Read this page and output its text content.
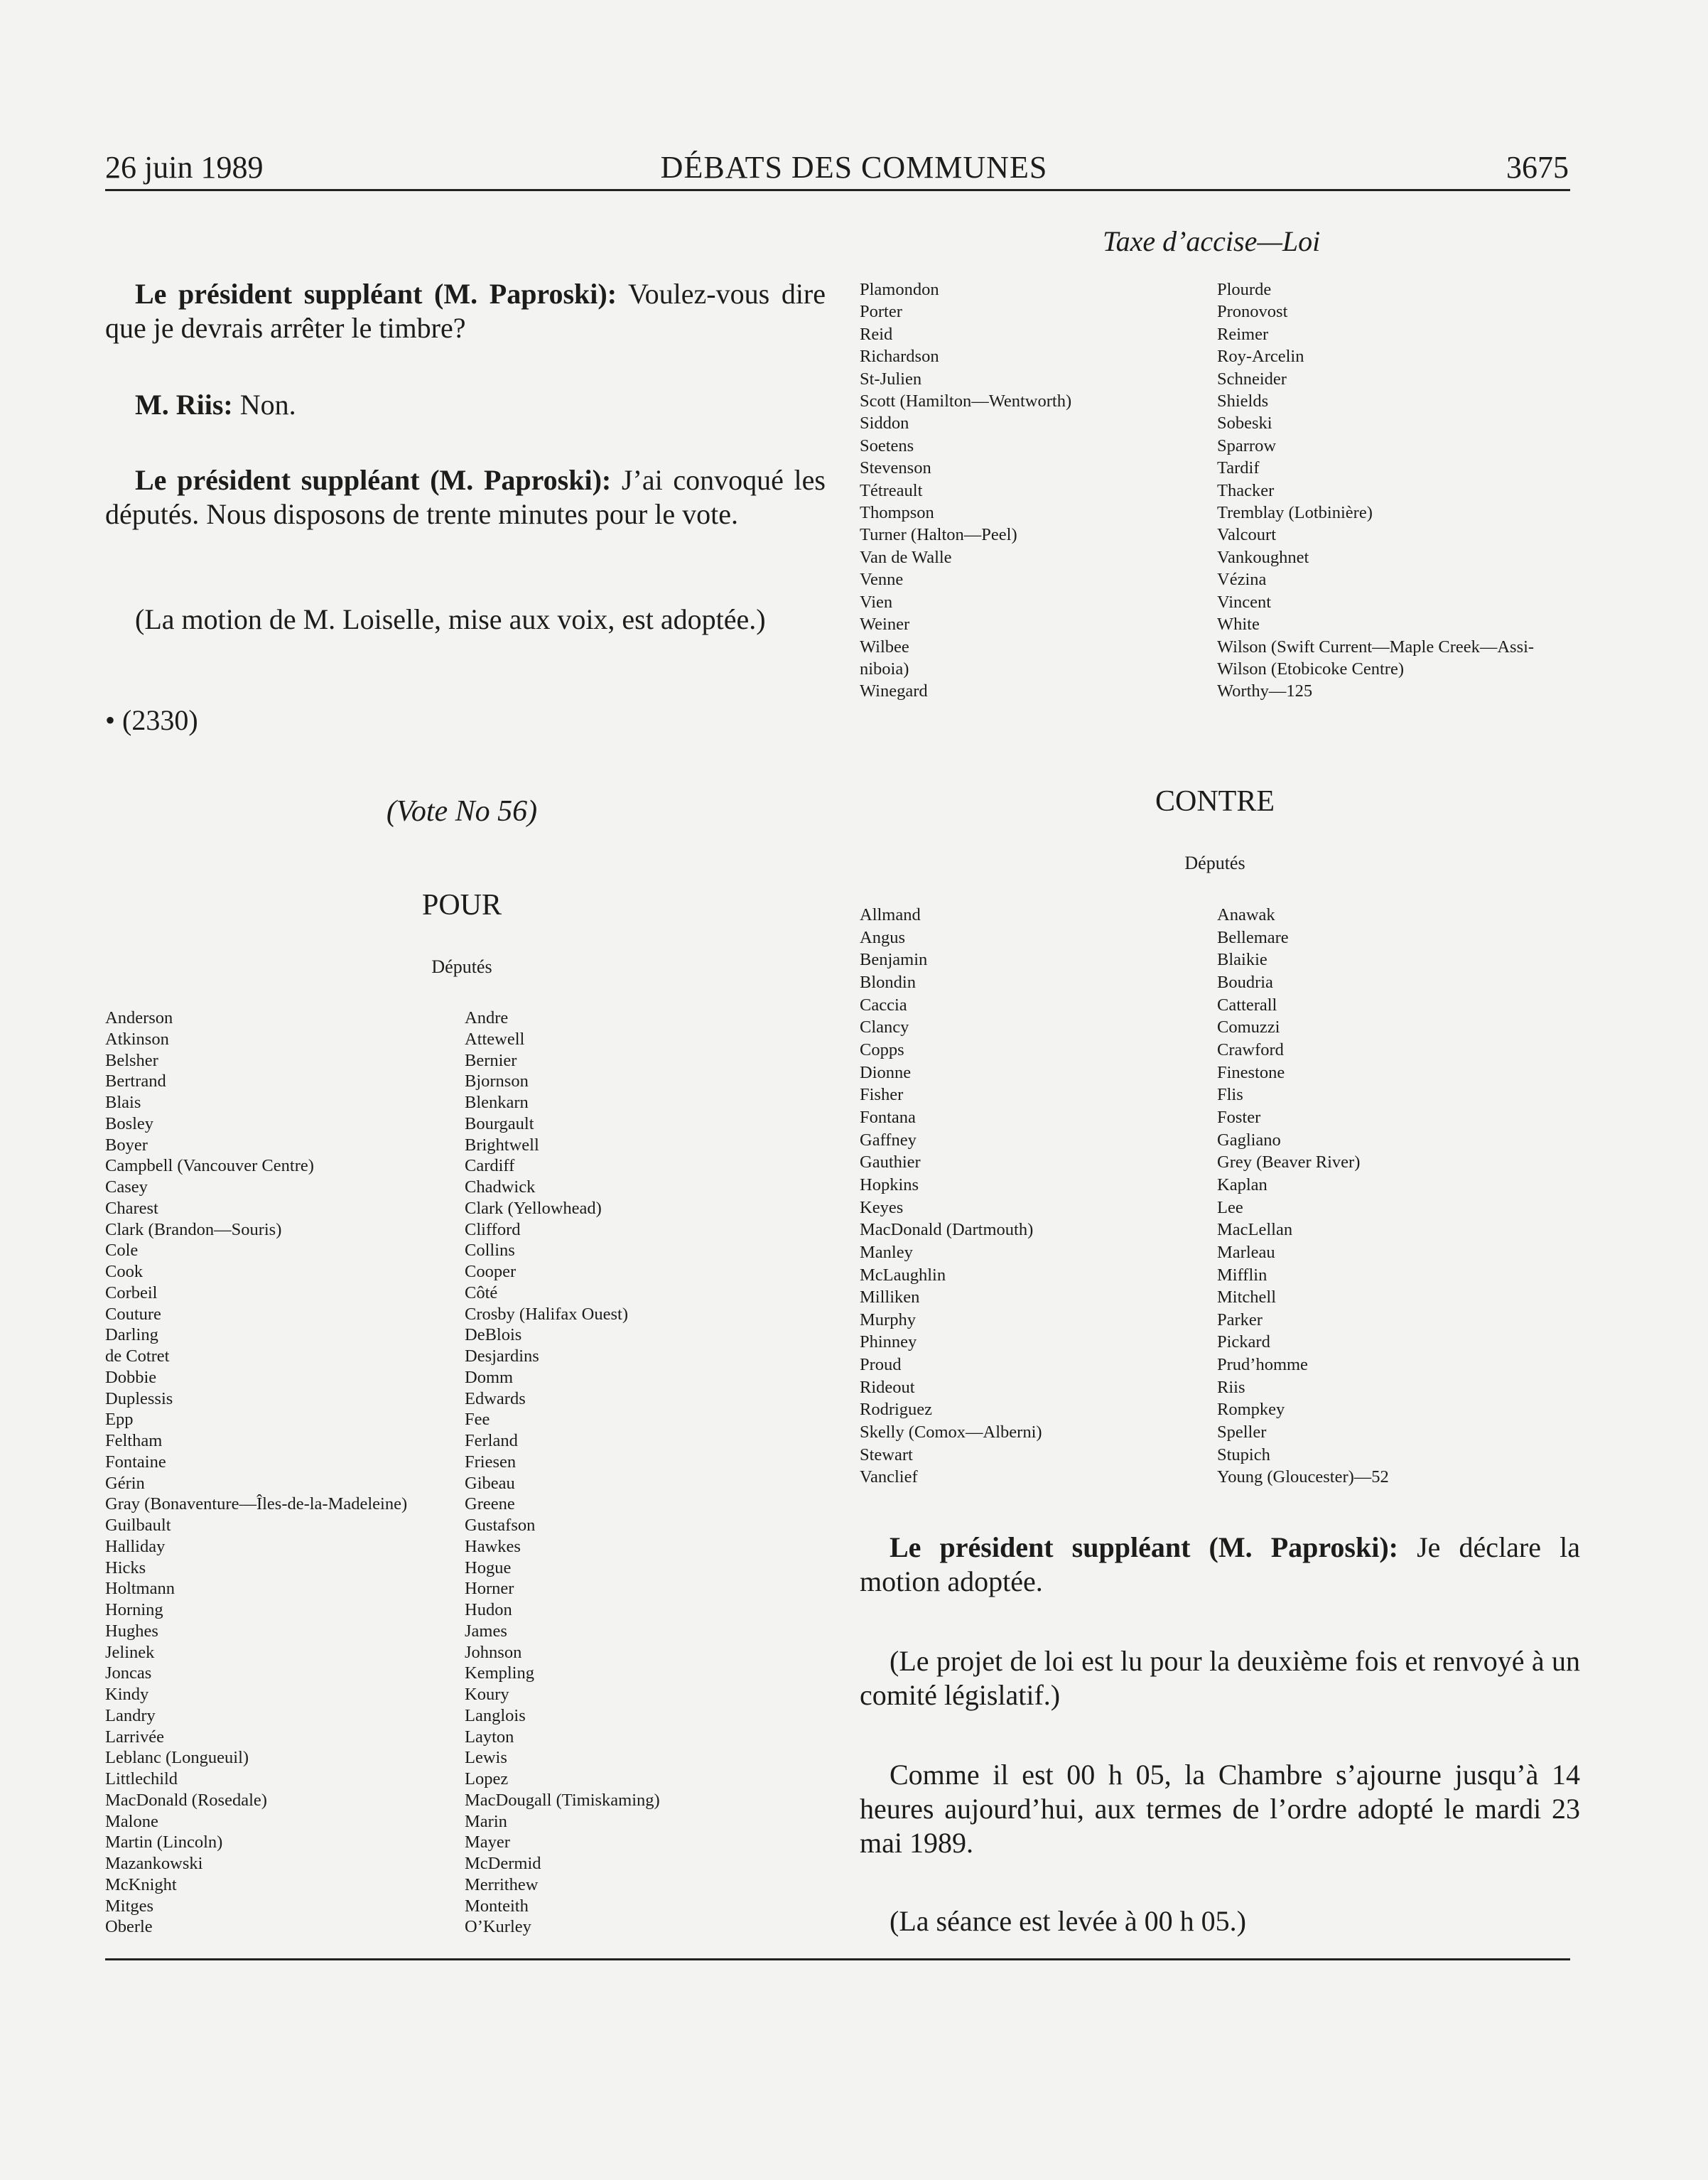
26 juin 1989	DÉBATS DES COMMUNES	3675
Taxe d’accise—Loi
Le président suppléant (M. Paproski): Voulez-vous dire que je devrais arrêter le timbre?
M. Riis: Non.
Le président suppléant (M. Paproski): J’ai convoqué les députés. Nous disposons de trente minutes pour le vote.
(La motion de M. Loiselle, mise aux voix, est adoptée.)
• (2330)
(Vote No 56)
POUR
Députés
Anderson
Atkinson
Belsher
Bertrand
Blais
Bosley
Boyer
Campbell (Vancouver Centre)
Casey
Charest
Clark (Brandon—Souris)
Cole
Cook
Corbeil
Couture
Darling
de Cotret
Dobbie
Duplessis
Epp
Feltham
Fontaine
Gérin
Gray (Bonaventure—Îles-de-la-Madeleine)
Guilbault
Halliday
Hicks
Holtmann
Horning
Hughes
Jelinek
Joncas
Kindy
Landry
Larrivée
Leblanc (Longueuil)
Littlechild
MacDonald (Rosedale)
Malone
Martin (Lincoln)
Mazankowski
McKnight
Mitges
Oberle
Andre
Attewell
Bernier
Bjornson
Blenkarn
Bourgault
Brightwell
Cardiff
Chadwick
Clark (Yellowhead)
Clifford
Collins
Cooper
Côté
Crosby (Halifax Ouest)
DeBlois
Desjardins
Domm
Edwards
Fee
Ferland
Friesen
Gibeau
Greene
Gustafson
Hawkes
Hogue
Horner
Hudon
James
Johnson
Kempling
Koury
Langlois
Layton
Lewis
Lopez
MacDougall (Timiskaming)
Marin
Mayer
McDermid
Merrithew
Monteith
O’Kurley
Plamondon
Porter
Reid
Richardson
St-Julien
Scott (Hamilton—Wentworth)
Siddon
Soetens
Stevenson
Tétreault
Thompson
Turner (Halton—Peel)
Van de Walle
Venne
Vien
Weiner
Wilbee
niboia)
Winegard
Plourde
Pronovost
Reimer
Roy-Arcelin
Schneider
Shields
Sobeski
Sparrow
Tardif
Thacker
Tremblay (Lotbinière)
Valcourt
Vankoughnet
Vézina
Vincent
White
Wilson (Swift Current—Maple Creek—Assi-
Wilson (Etobicoke Centre)
Worthy—125
CONTRE
Députés
Allmand
Angus
Benjamin
Blondin
Caccia
Clancy
Copps
Dionne
Fisher
Fontana
Gaffney
Gauthier
Hopkins
Keyes
MacDonald (Dartmouth)
Manley
McLaughlin
Milliken
Murphy
Phinney
Proud
Rideout
Rodriguez
Skelly (Comox—Alberni)
Stewart
Vanclief
Anawak
Bellemare
Blaikie
Boudria
Catterall
Comuzzi
Crawford
Finestone
Flis
Foster
Gagliano
Grey (Beaver River)
Kaplan
Lee
MacLellan
Marleau
Mifflin
Mitchell
Parker
Pickard
Prud’homme
Riis
Rompkey
Speller
Stupich
Young (Gloucester)—52
Le président suppléant (M. Paproski): Je déclare la motion adoptée.
(Le projet de loi est lu pour la deuxième fois et renvoyé à un comité législatif.)
Comme il est 00 h 05, la Chambre s’ajourne jusqu’à 14 heures aujourd’hui, aux termes de l’ordre adopté le mardi 23 mai 1989.
(La séance est levée à 00 h 05.)
